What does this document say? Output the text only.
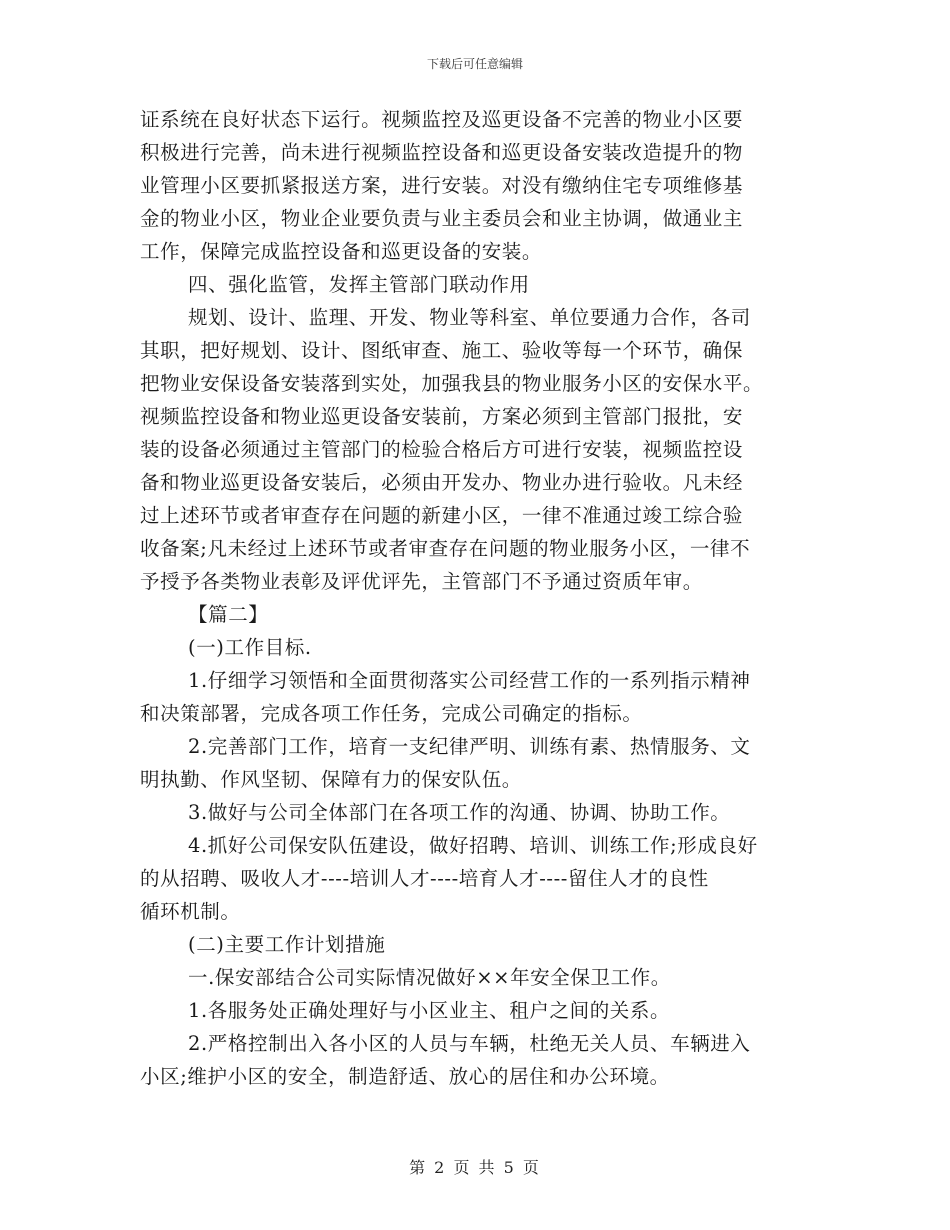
下载后可任意编辑

证系统在良好状态下运行。视频监控及巡更设备不完善的物业小区要

积极进行完善，尚未进行视频监控设备和巡更设备安装改造提升的物

业管理小区要抓紧报送方案，进行安装。对没有缴纳住宅专项维修基

金的物业小区，物业企业要负责与业主委员会和业主协调，做通业主

工作，保障完成监控设备和巡更设备的安装。

四、强化监管，发挥主管部门联动作用

规划、设计、监理、开发、物业等科室、单位要通力合作，各司

其职，把好规划、设计、图纸审查、施工、验收等每一个环节，确保

把物业安保设备安装落到实处，加强我县的物业服务小区的安保水平。

视频监控设备和物业巡更设备安装前，方案必须到主管部门报批，安

装的设备必须通过主管部门的检验合格后方可进行安装，视频监控设

备和物业巡更设备安装后，必须由开发办、物业办进行验收。凡未经

过上述环节或者审查存在问题的新建小区，一律不准通过竣工综合验

收备案;凡未经过上述环节或者审查存在问题的物业服务小区，一律不

予授予各类物业表彰及评优评先，主管部门不予通过资质年审。

【篇二】

(一)工作目标.

1.仔细学习领悟和全面贯彻落实公司经营工作的一系列指示精神

和决策部署，完成各项工作任务，完成公司确定的指标。

2.完善部门工作，培育一支纪律严明、训练有素、热情服务、文

明执勤、作风坚韧、保障有力的保安队伍。

3.做好与公司全体部门在各项工作的沟通、协调、协助工作。

4.抓好公司保安队伍建设，做好招聘、培训、训练工作;形成良好

的从招聘、吸收人才----培训人才----培育人才----留住人才的良性

循环机制。

(二)主要工作计划措施

一.保安部结合公司实际情况做好××年安全保卫工作。

1.各服务处正确处理好与小区业主、租户之间的关系。

2.严格控制出入各小区的人员与车辆，杜绝无关人员、车辆进入

小区;维护小区的安全，制造舒适、放心的居住和办公环境。

第 2 页 共 5 页
